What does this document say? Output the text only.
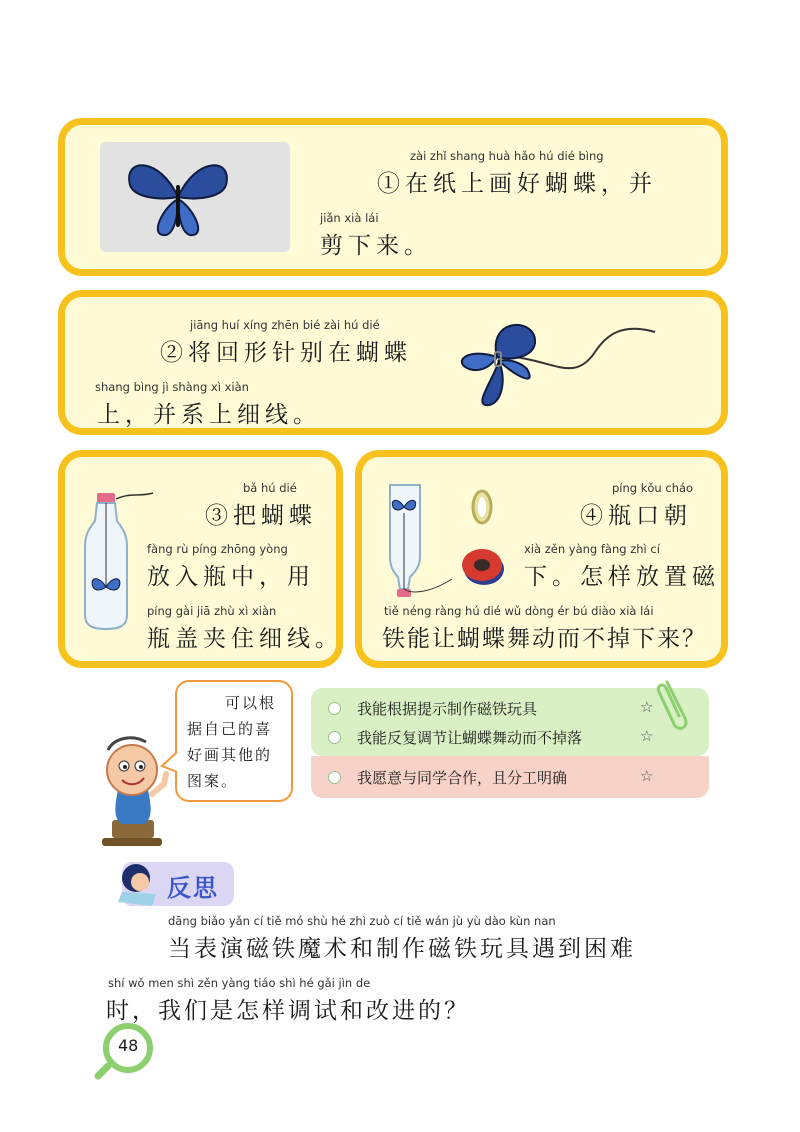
zài zhǐ shang huà hǎo hú dié bìng
①在纸上画好蝴蝶，并
jiǎn xià lái
剪下来。
jiāng huí xíng zhēn bié zài hú dié
②将回形针别在蝴蝶
shang bìng jì shàng xì xiàn
上，并系上细线。
bǎ hú dié
③把蝴蝶
fàng rù píng zhōng yòng
放入瓶中，用
píng gài jiā zhù xì xiàn
瓶盖夹住细线。
píng kǒu cháo
④瓶口朝
xià zěn yàng fàng zhì cí
下。怎样放置磁
tiě néng ràng hú dié wǔ dòng ér bú diào xià lái
铁能让蝴蝶舞动而不掉下来？
可以根
据自己的喜
好画其他的
图案。
我能根据提示制作磁铁玩具	☆
我能反复调节让蝴蝶舞动而不掉落	☆
我愿意与同学合作，且分工明确	☆
反思
dāng biǎo yǎn cí tiě mó shù hé zhì zuò cí tiě wán jù yù dào kùn nan
当表演磁铁魔术和制作磁铁玩具遇到困难
shí wǒ men shì zěn yàng tiáo shì hé gǎi jìn de
时，我们是怎样调试和改进的？
48
